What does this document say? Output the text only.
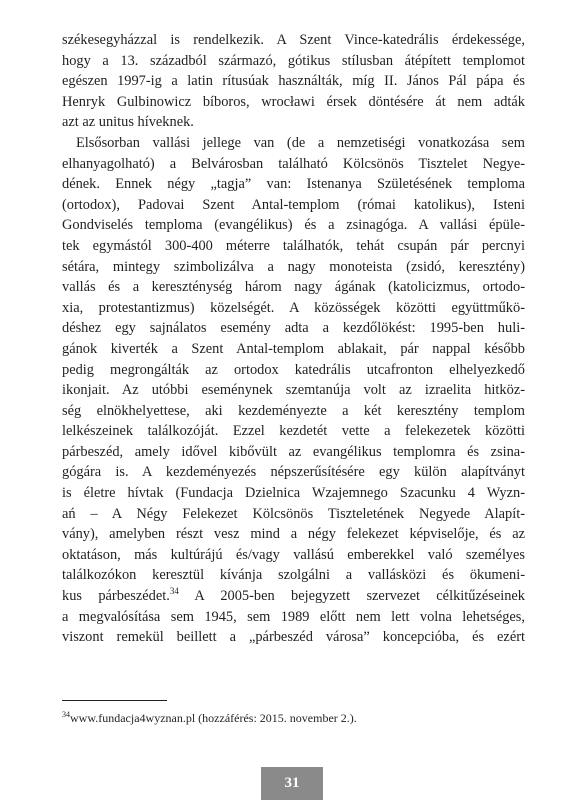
székesegyházzal is rendelkezik. A Szent Vince-katedrális érdekessége,
hogy a 13. századból származó, gótikus stílusban átépített templomot
egészen 1997-ig a latin rítusúak használták, míg II. János Pál pápa és
Henryk Gulbinowicz bíboros, wrocławi érsek döntésére át nem adták
azt az unitus híveknek.
Elsősorban vallási jellege van (de a nemzetiségi vonatkozása sem
elhanyagolható) a Belvárosban található Kölcsönös Tisztelet Negye-
dének. Ennek négy „tagja” van: Istenanya Születésének temploma
(ortodox), Padovai Szent Antal-templom (római katolikus), Isteni
Gondviselés temploma (evangélikus) és a zsinagóga. A vallási épüle-
tek egymástól 300-400 méterre találhatók, tehát csupán pár percnyi
sétára, mintegy szimbolizálva a nagy monoteista (zsidó, keresztény)
vallás és a kereszténység három nagy ágának (katolicizmus, ortodo-
xia, protestantizmus) közelségét. A közösségek közötti együttműkö-
déshez egy sajnálatos esemény adta a kezdőlökést: 1995-ben huli-
gánok kiverték a Szent Antal-templom ablakait, pár nappal később
pedig megrongálták az ortodox katedrális utcafronton elhelyezkedő
ikonjait. Az utóbbi eseménynek szemtanúja volt az izraelita hitköz-
ség elnökhelyettese, aki kezdeményezte a két keresztény templom
lelkészeinek találkozóját. Ezzel kezdetét vette a felekezetek közötti
párbeszéd, amely idővel kibővült az evangélikus templomra és zsina-
gógára is. A kezdeményezés népszerűsítésére egy külön alapítványt
is életre hívtak (Fundacja Dzielnica Wzajemnego Szacunku 4 Wyzn-
ań – A Négy Felekezet Kölcsönös Tiszteletének Negyede Alapít-
vány), amelyben részt vesz mind a négy felekezet képviselője, és az
oktatáson, más kultúrájú és/vagy vallású emberekkel való személyes
találkozókon keresztül kívánja szolgálni a vallásközi és ökumeni-
kus párbeszédet.$^{34}$ A 2005-ben bejegyzett szervezet célkitűzéseinek
a megvalósítása sem 1945, sem 1989 előtt nem lett volna lehetséges,
viszont remekül beillett a „párbeszéd városa” koncepcióba, és ezért
$^{34}$www.fundacja4wyznan.pl (hozzáférés: 2015. november 2.).
31
